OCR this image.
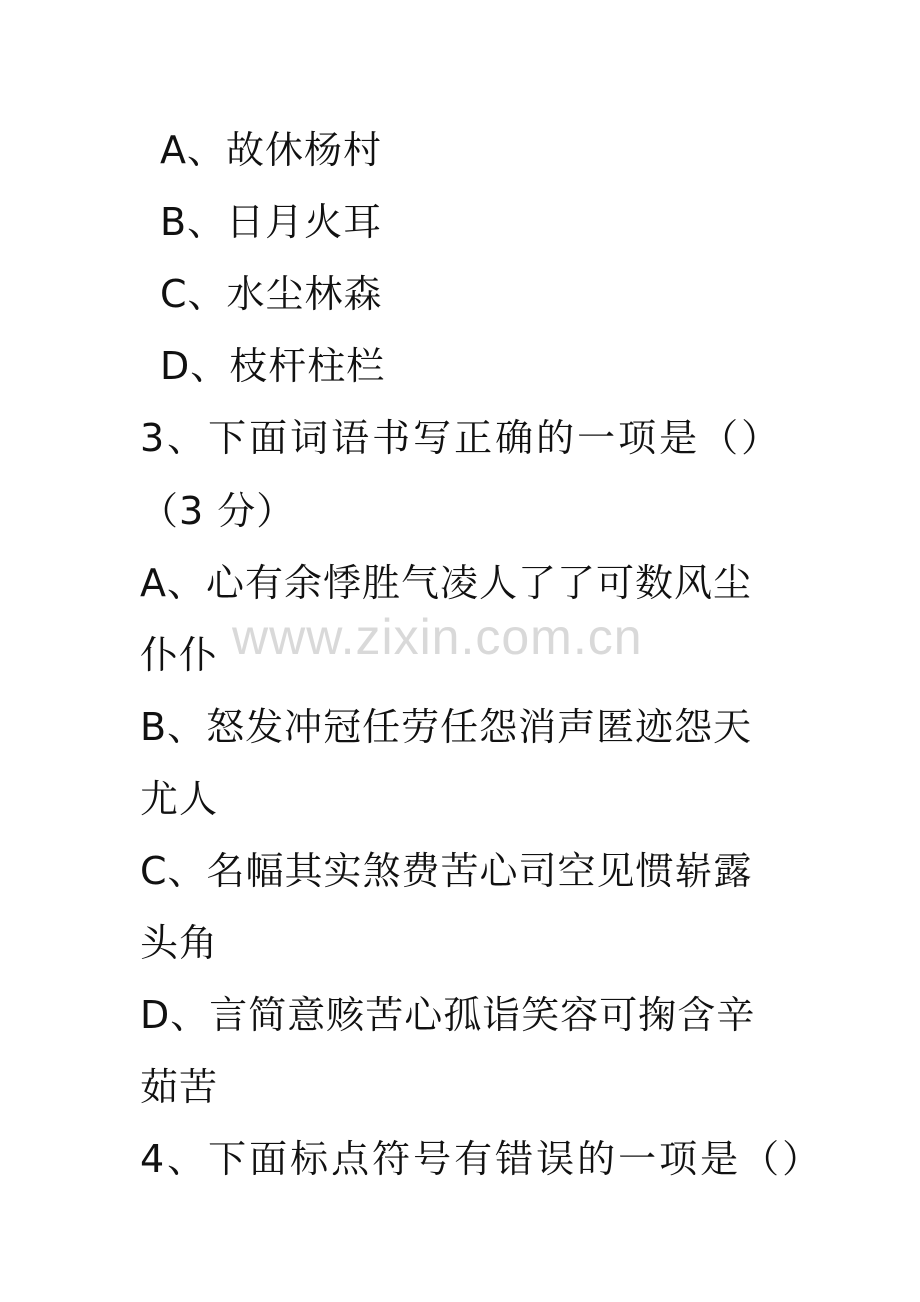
A、故休杨村
B、日月火耳
C、水尘林森
D、枝杆柱栏
3、下面词语书写正确的一项是（）
（3 分）
A、心有余悸胜气凌人了了可数风尘
仆仆
B、怒发冲冠任劳任怨消声匿迹怨天
尤人
C、名幅其实煞费苦心司空见惯崭露
头角
D、言简意赅苦心孤诣笑容可掬含辛
茹苦
4、下面标点符号有错误的一项是（）
www.zixin.com.cn
